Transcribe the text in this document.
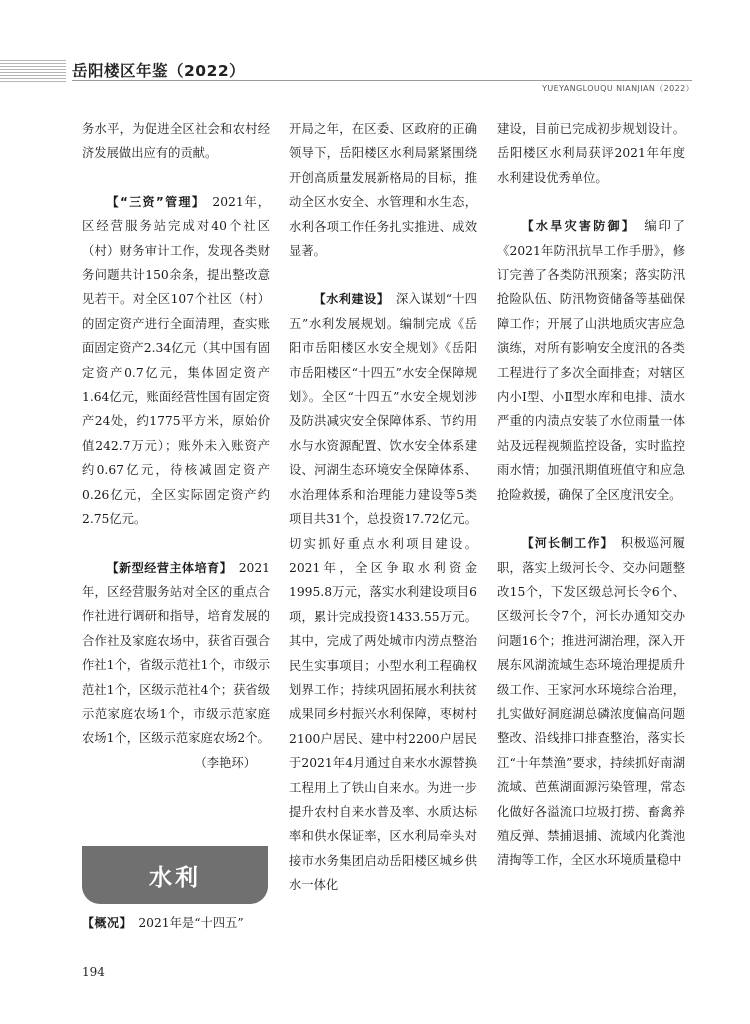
岳阳楼区年鉴（2022）
YUEYANGLOUQU NIANJIAN（2022）

务水平，为促进全区社会和农村经济发展做出应有的贡献。

【“三资”管理】　 2021年，区经营服务站完成对40个社区（村）财务审计工作，发现各类财务问题共计150余条，提出整改意见若干。对全区107个社区（村）的固定资产进行全面清理，查实账面固定资产2.34亿元（其中国有固定资产0.7亿元，集体固定资产1.64亿元，账面经营性国有固定资产24处，约1775平方米，原始价值242.7万元）；账外未入账资产约0.67亿元，待核减固定资产0.26亿元，全区实际固定资产约2.75亿元。

【新型经营主体培育】　 2021年，区经营服务站对全区的重点合作社进行调研和指导，培育发展的合作社及家庭农场中，获省百强合作社1个，省级示范社1个，市级示范社1个，区级示范社4个；获省级示范家庭农场1个，市级示范家庭农场1个，区级示范家庭农场2个。

（李艳环）

水利
【概况】　 2021年是“十四五”

开局之年，在区委、区政府的正确领导下，岳阳楼区水利局紧紧围绕开创高质量发展新格局的目标，推动全区水安全、水管理和水生态，水利各项工作任务扎实推进、成效显著。

【水利建设】　 深入谋划“十四五”水利发展规划。编制完成《岳阳市岳阳楼区水安全规划》《岳阳市岳阳楼区“十四五”水安全保障规划》。全区“十四五”水安全规划涉及防洪减灾安全保障体系、节约用水与水资源配置、饮水安全体系建设、河湖生态环境安全保障体系、水治理体系和治理能力建设等5类项目共31个，总投资17.72亿元。切实抓好重点水利项目建设。2021年，全区争取水利资金1995.8万元，落实水利建设项目6项，累计完成投资1433.55万元。其中，完成了两处城市内涝点整治民生实事项目；小型水利工程确权划界工作；持续巩固拓展水利扶贫成果同乡村振兴水利保障，枣树村2100户居民、建中村2200户居民于2021年4月通过自来水水源替换工程用上了铁山自来水。为进一步提升农村自来水普及率、水质达标率和供水保证率，区水利局牵头对接市水务集团启动岳阳楼区城乡供水一体化

建设，目前已完成初步规划设计。岳阳楼区水利局获评2021年年度水利建设优秀单位。

【水旱灾害防御】　 编印了《2021年防汛抗旱工作手册》，修订完善了各类防汛预案；落实防汛抢险队伍、防汛物资储备等基础保障工作；开展了山洪地质灾害应急演练，对所有影响安全度汛的各类工程进行了多次全面排查；对辖区内小Ⅰ型、小Ⅱ型水库和电排、渍水严重的内渍点安装了水位雨量一体站及远程视频监控设备，实时监控雨水情；加强汛期值班值守和应急抢险救援，确保了全区度汛安全。

【河长制工作】　 积极巡河履职，落实上级河长令、交办问题整改15个，下发区级总河长令6个、区级河长令7个，河长办通知交办问题16个；推进河湖治理，深入开展东风湖流域生态环境治理提质升级工作、王家河水环境综合治理，扎实做好洞庭湖总磷浓度偏高问题整改、沿线排口排查整治，落实长江“十年禁渔”要求，持续抓好南湖流域、芭蕉湖面源污染管理，常态化做好各溢流口垃圾打捞、畜禽养殖反弹、禁捕退捕、流域内化粪池清掏等工作，全区水环境质量稳中

194
